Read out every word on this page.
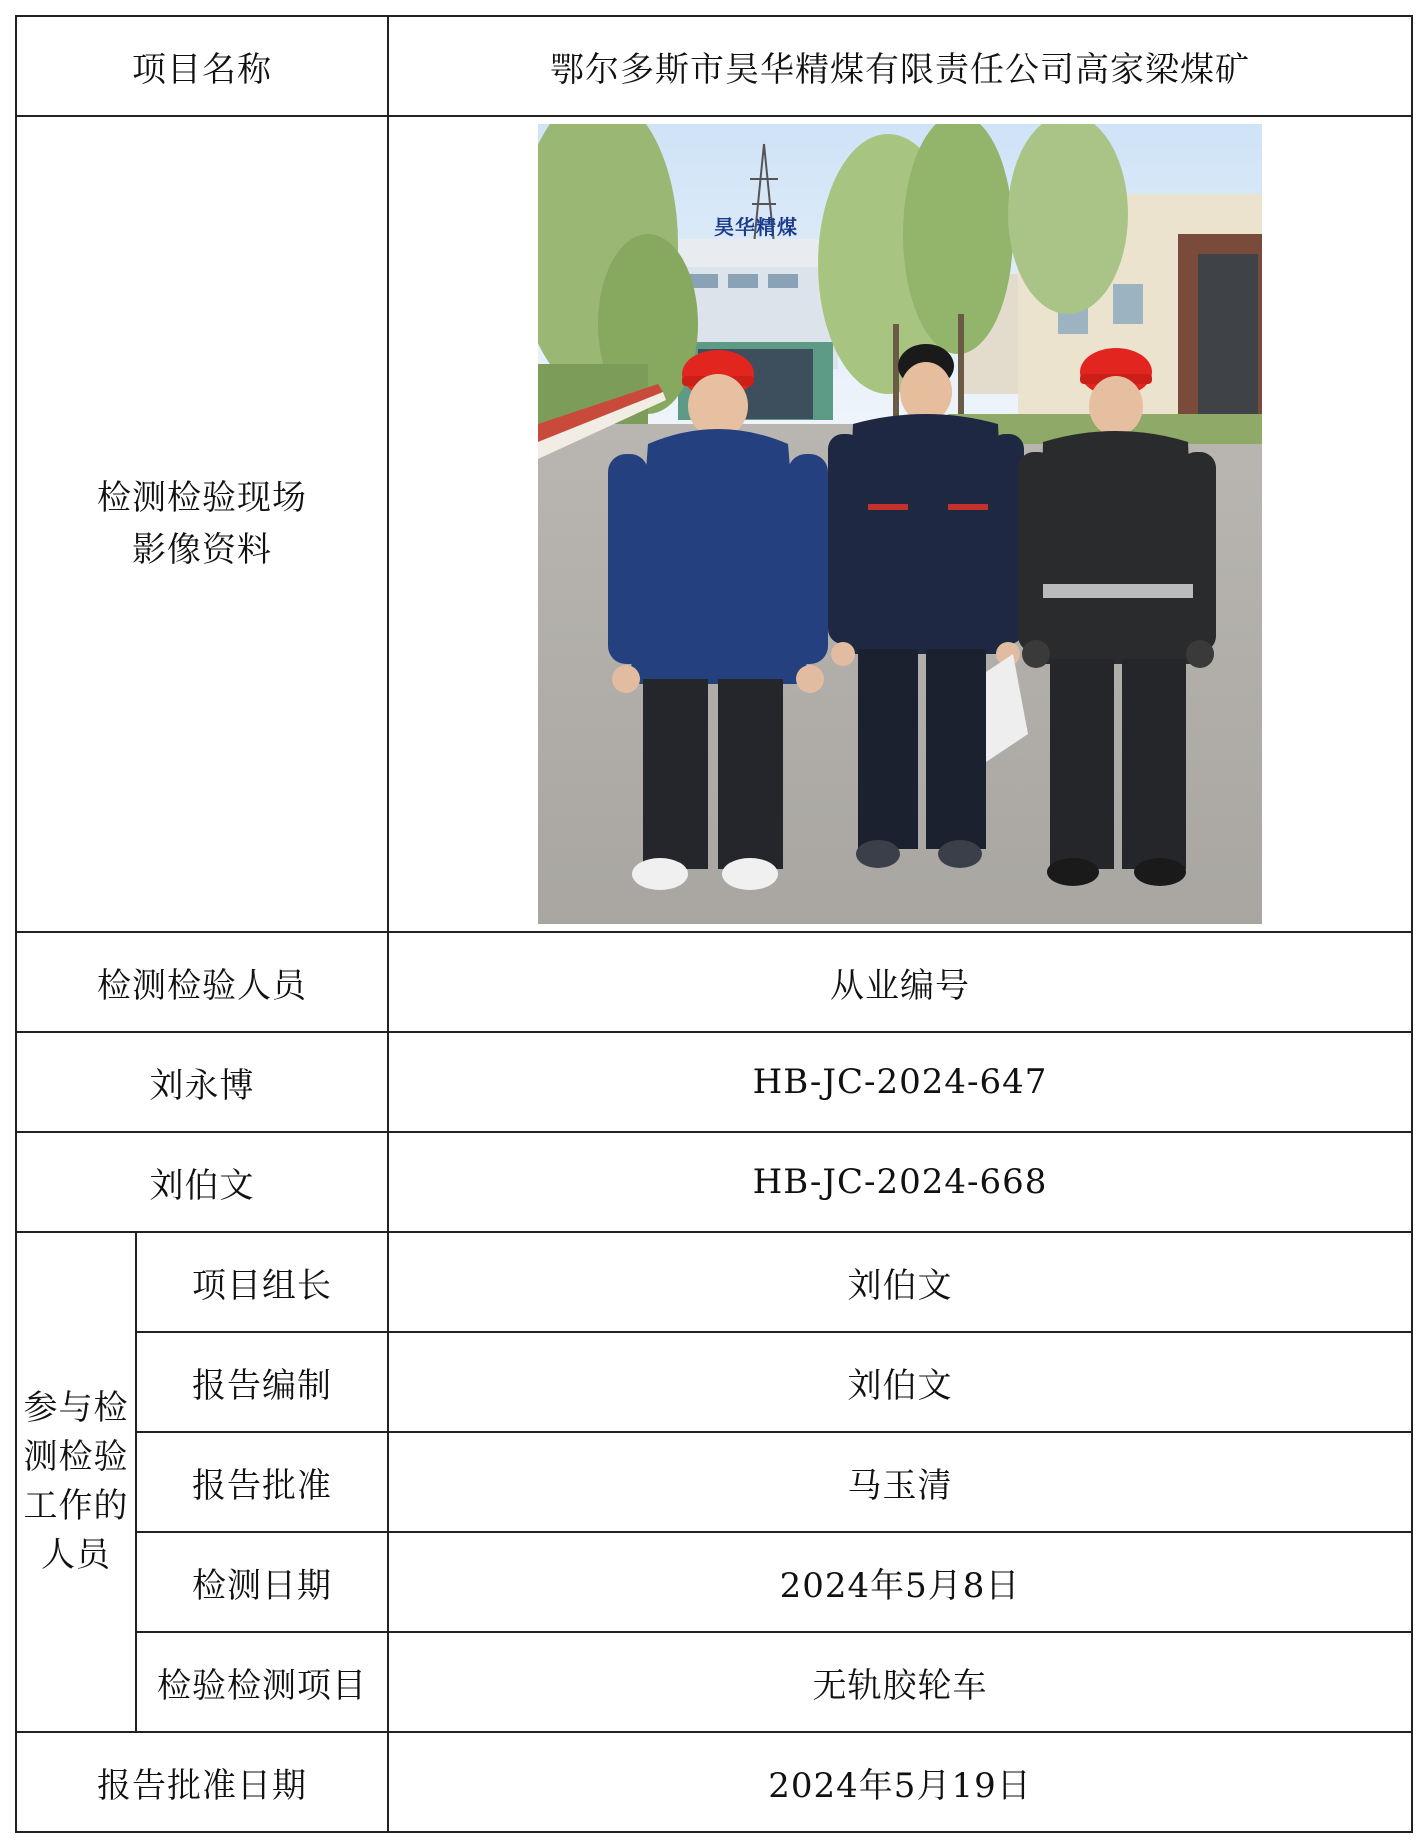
项目名称		鄂尔多斯市昊华精煤有限责任公司高家梁煤矿
检测检验现场
影像资料		昊华精煤

检测检验人员		从业编号
刘永博		HB-JC-2024-647
刘伯文		HB-JC-2024-668
参与检测检验工作的人员	项目组长	刘伯文
	报告编制	刘伯文
	报告批准	马玉清
	检测日期	2024年5月8日
	检验检测项目	无轨胶轮车
报告批准日期		2024年5月19日
